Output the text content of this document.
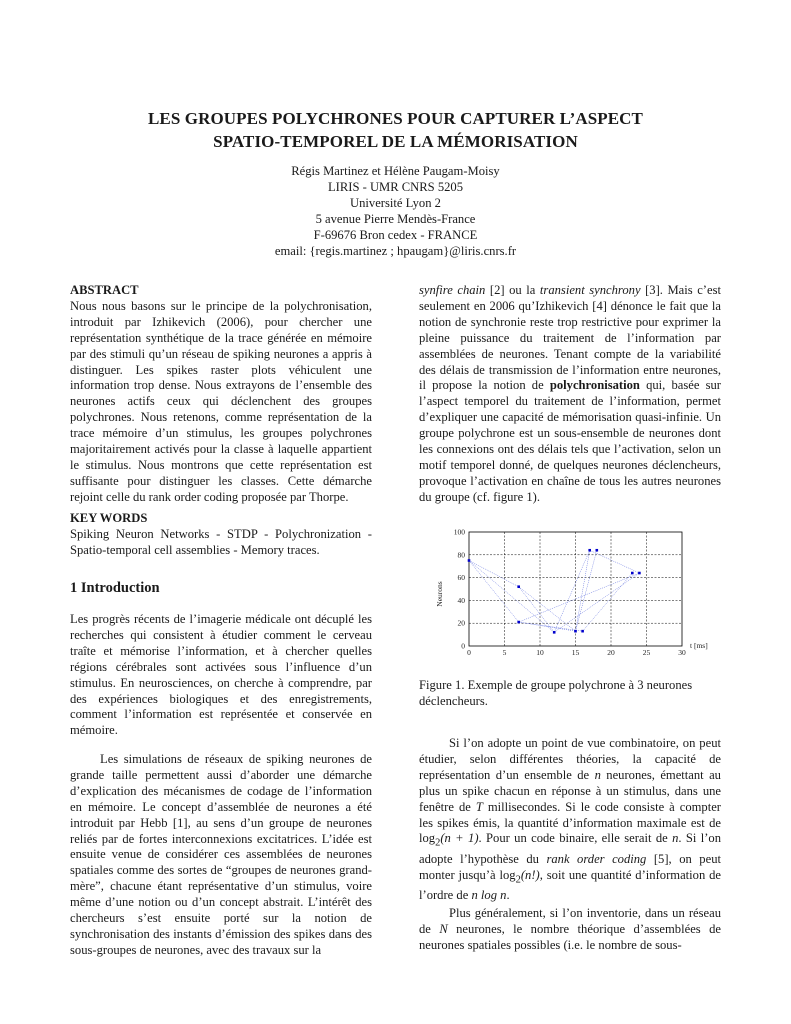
LES GROUPES POLYCHRONES POUR CAPTURER L’ASPECT
SPATIO-TEMPOREL DE LA MÉMORISATION
Régis Martinez et Hélène Paugam-Moisy
LIRIS - UMR CNRS 5205
Université Lyon 2
5 avenue Pierre Mendès-France
F-69676 Bron cedex - FRANCE
email: {regis.martinez ; hpaugam}@liris.cnrs.fr

ABSTRACT

Nous nous basons sur le principe de la polychronisation, introduit par Izhikevich (2006), pour chercher une représentation synthétique de la trace générée en mémoire par des stimuli qu’un réseau de spiking neurones a appris à distinguer. Les spikes raster plots véhiculent une information trop dense. Nous extrayons de l’ensemble des neurones actifs ceux qui déclenchent des groupes polychrones. Nous retenons, comme représentation de la trace mémoire d’un stimulus, les groupes polychrones majoritairement activés pour la classe à laquelle appartient le stimulus. Nous montrons que cette représentation est suffisante pour distinguer les classes. Cette démarche rejoint celle du rank order coding proposée par Thorpe.

KEY WORDS

Spiking Neuron Networks - STDP - Polychronization - Spatio-temporal cell assemblies - Memory traces.

1 Introduction

Les progrès récents de l’imagerie médicale ont décuplé les recherches qui consistent à étudier comment le cerveau traîte et mémorise l’information, et à chercher quelles régions cérébrales sont activées sous l’influence d’un stimulus. En neurosciences, on cherche à comprendre, par des expériences biologiques et des enregistrements, comment l’information est représentée et conservée en mémoire.

Les simulations de réseaux de spiking neurones de grande taille permettent aussi d’aborder une démarche d’explication des mécanismes de codage de l’information en mémoire. Le concept d’assemblée de neurones a été introduit par Hebb [1], au sens d’un groupe de neurones reliés par de fortes interconnexions excitatrices. L’idée est ensuite venue de considérer ces assemblées de neurones spatiales comme des sortes de “groupes de neurones grand-mère”, chacune étant représentative d’un stimulus, voire même d’une notion ou d’un concept abstrait. L’intérêt des chercheurs s’est ensuite porté sur la notion de synchronisation des instants d’émission des spikes dans des sous-groupes de neurones, avec des travaux sur la

synfire chain [2] ou la transient synchrony [3]. Mais c’est seulement en 2006 qu’Izhikevich [4] dénonce le fait que la notion de synchronie reste trop restrictive pour exprimer la pleine puissance du traitement de l’information par assemblées de neurones. Tenant compte de la variabilité des délais de transmission de l’information entre neurones, il propose la notion de polychronisation qui, basée sur l’aspect temporel du traitement de l’information, permet d’expliquer une capacité de mémorisation quasi-infinie. Un groupe polychrone est un sous-ensemble de neurones dont les connexions ont des délais tels que l’activation, selon un motif temporel donné, de quelques neurones déclencheurs, provoque l’activation en chaîne de tous les autres neurones du groupe (cf. figure 1).

0	5	10	15	20	25	30
0
20
40
60
80
100
Neurons
t [ms]
Figure 1. Exemple de groupe polychrone à 3 neurones déclencheurs.

Si l’on adopte un point de vue combinatoire, on peut étudier, selon différentes théories, la capacité de représentation d’un ensemble de n neurones, émettant au plus un spike chacun en réponse à un stimulus, dans une fenêtre de T millisecondes. Si le code consiste à compter les spikes émis, la quantité d’information maximale est de $\log_2(n + 1)$. Pour un code binaire, elle serait de n. Si l’on adopte l’hypothèse du rank order coding [5], on peut monter jusqu’à $\log_2(n!)$, soit une quantité d’information de l’ordre de n log n.

Plus généralement, si l’on inventorie, dans un réseau de N neurones, le nombre théorique d’assemblées de neurones spatiales possibles (i.e. le nombre de sous-
